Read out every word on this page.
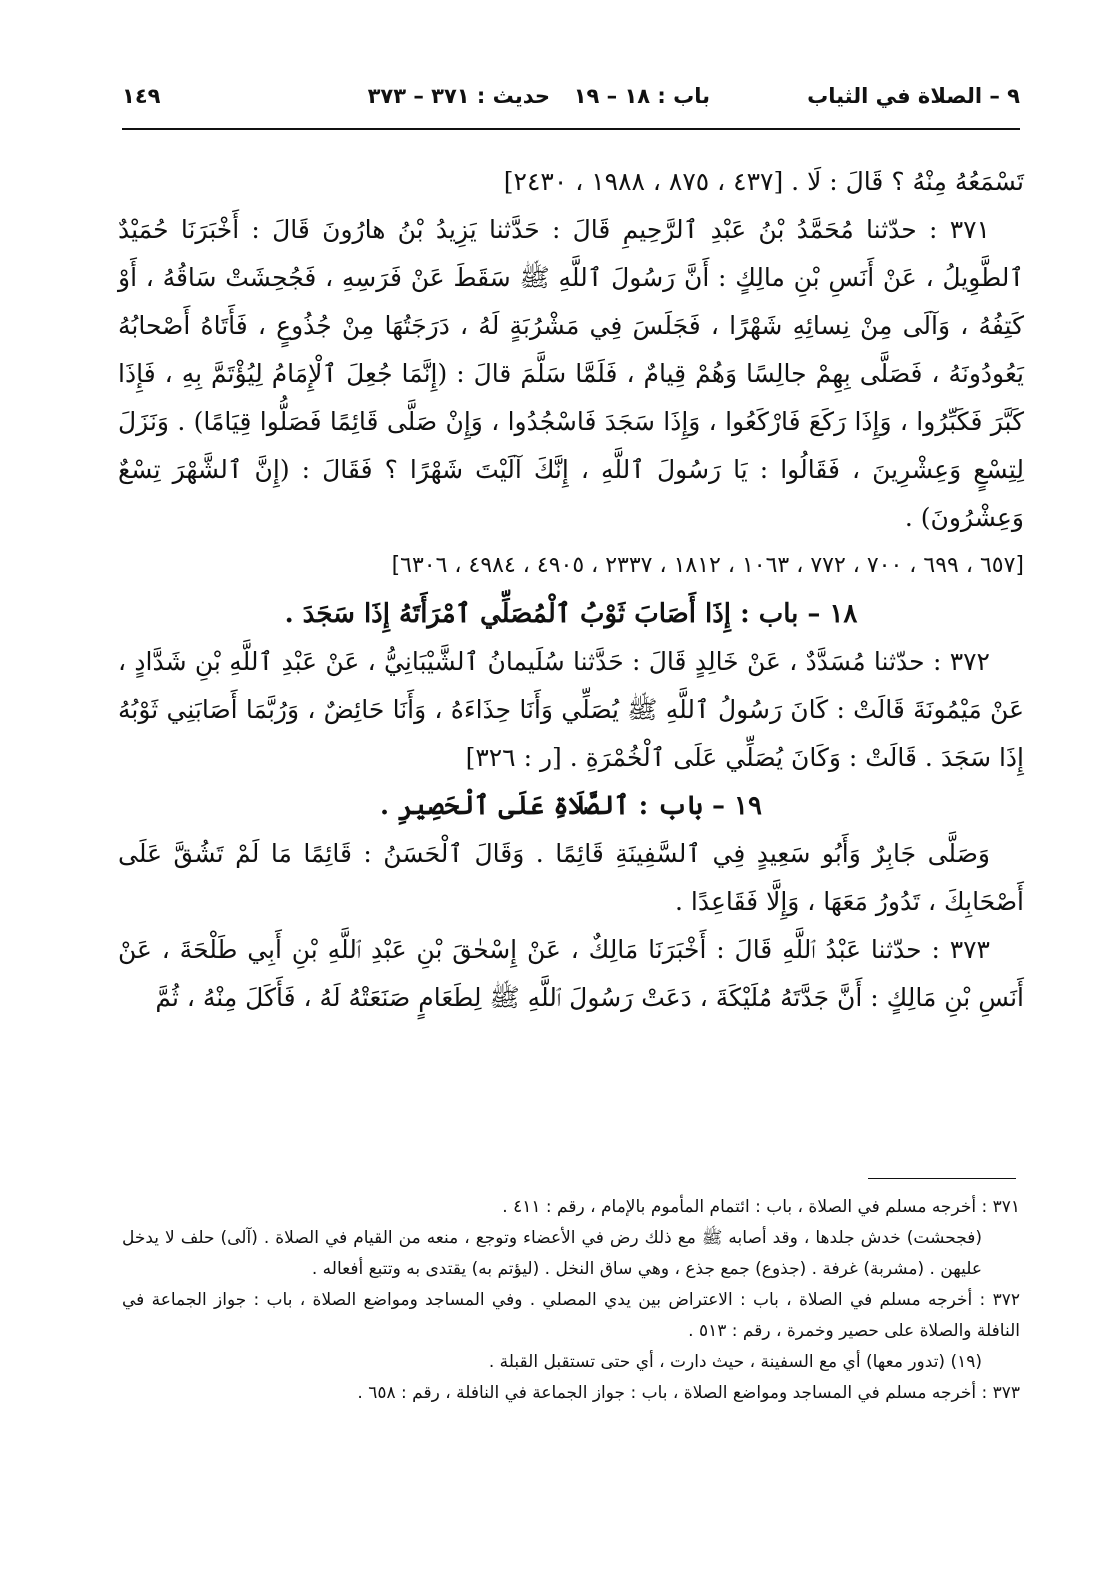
٩ – الصلاة في الثياب
باب : ١٨ – ١٩
حديث : ٣٧١ – ٣٧٣
١٤٩

تَسْمَعُهُ مِنْهُ ؟ قَالَ : لَا . [٤٣٧ ، ٨٧٥ ، ١٩٨٨ ، ٢٤٣٠]

٣٧١ : حدّثنا مُحَمَّدُ بْنُ عَبْدِ ٱلرَّحِيمِ قَالَ : حَدَّثنا يَزِيدُ بْنُ هارُونَ قَالَ : أَخْبَرَنَا حُمَيْدٌ ٱلطَّوِيلُ ، عَنْ أَنَسِ بْنِ مالِكٍ : أَنَّ رَسُولَ ٱللَّهِ ﷺ سَقَطَ عَنْ فَرَسِهِ ، فَجُحِشَتْ سَاقُهُ ، أَوْ كَتِفُهُ ، وَآلَى مِنْ نِسائِهِ شَهْرًا ، فَجَلَسَ فِي مَشْرُبَةٍ لَهُ ، دَرَجَتُهَا مِنْ جُذُوعٍ ، فَأَتَاهُ أَصْحابُهُ يَعُودُونَهُ ، فَصَلَّى بِهِمْ جالِسًا وَهُمْ قِيامٌ ، فَلَمَّا سَلَّمَ قالَ : (إِنَّمَا جُعِلَ ٱلْإِمَامُ لِيُؤْتَمَّ بِهِ ، فَإِذَا كَبَّرَ فَكَبِّرُوا ، وَإِذَا رَكَعَ فَارْكَعُوا ، وَإِذَا سَجَدَ فَاسْجُدُوا ، وَإِنْ صَلَّى قَائِمًا فَصَلُّوا قِيَامًا) . وَنَزَلَ لِتِسْعٍ وَعِشْرِينَ ، فَقَالُوا : يَا رَسُولَ ٱللَّهِ ، إِنَّكَ آلَيْتَ شَهْرًا ؟ فَقَالَ : (إِنَّ ٱلشَّهْرَ تِسْعٌ وَعِشْرُونَ) .

[٦٥٧ ، ٦٩٩ ، ٧٠٠ ، ٧٧٢ ، ١٠٦٣ ، ١٨١٢ ، ٢٣٣٧ ، ٤٩٠٥ ، ٤٩٨٤ ، ٦٣٠٦]

١٨ – باب : إِذَا أَصَابَ ثَوْبُ ٱلْمُصَلِّي ٱمْرَأَتَهُ إِذَا سَجَدَ .

٣٧٢ : حدّثنا مُسَدَّدٌ ، عَنْ خَالِدٍ قَالَ : حَدَّثنا سُلَيمانُ ٱلشَّيْبَانِيُّ ، عَنْ عَبْدِ ٱللَّهِ بْنِ شَدَّادٍ ، عَنْ مَيْمُونَةَ قَالَتْ : كَانَ رَسُولُ ٱللَّهِ ﷺ يُصَلِّي وَأَنَا حِذَاءَهُ ، وَأَنَا حَائِضٌ ، وَرُبَّمَا أَصَابَنِي ثَوْبُهُ إِذَا سَجَدَ . قَالَتْ : وَكَانَ يُصَلِّي عَلَى ٱلْخُمْرَةِ . [ر : ٣٢٦]

١٩ – باب : ٱلصَّلَاةِ عَلَى ٱلْحَصِيرِ .

وَصَلَّى جَابِرٌ وَأَبُو سَعِيدٍ فِي ٱلسَّفِينَةِ قَائِمًا . وَقَالَ ٱلْحَسَنُ : قَائِمًا مَا لَمْ تَشُقَّ عَلَى أَصْحَابِكَ ، تَدُورُ مَعَهَا ، وَإِلَّا فَقَاعِدًا .

٣٧٣ : حدّثنا عَبْدُ ٱللَّهِ قَالَ : أَخْبَرَنَا مَالِكٌ ، عَنْ إِسْحٰقَ بْنِ عَبْدِ ٱللَّهِ بْنِ أَبِي طَلْحَةَ ، عَنْ أَنَسِ بْنِ مَالِكٍ : أَنَّ جَدَّتَهُ مُلَيْكَةَ ، دَعَتْ رَسُولَ ٱللَّهِ ﷺ لِطَعَامٍ صَنَعَتْهُ لَهُ ، فَأَكَلَ مِنْهُ ، ثُمَّ

٣٧١ : أخرجه مسلم في الصلاة ، باب : ائتمام المأموم بالإمام ، رقم : ٤١١ .

(فجحشت) خدش جلدها ، وقد أصابه ﷺ مع ذلك رض في الأعضاء وتوجع ، منعه من القيام في الصلاة . (آلى) حلف لا يدخل عليهن . (مشربة) غرفة . (جذوع) جمع جذع ، وهي ساق النخل . (ليؤتم به) يقتدى به وتتبع أفعاله .

٣٧٢ : أخرجه مسلم في الصلاة ، باب : الاعتراض بين يدي المصلي . وفي المساجد ومواضع الصلاة ، باب : جواز الجماعة في النافلة والصلاة على حصير وخمرة ، رقم : ٥١٣ .

(١٩) (تدور معها) أي مع السفينة ، حيث دارت ، أي حتى تستقبل القبلة .

٣٧٣ : أخرجه مسلم في المساجد ومواضع الصلاة ، باب : جواز الجماعة في النافلة ، رقم : ٦٥٨ .
